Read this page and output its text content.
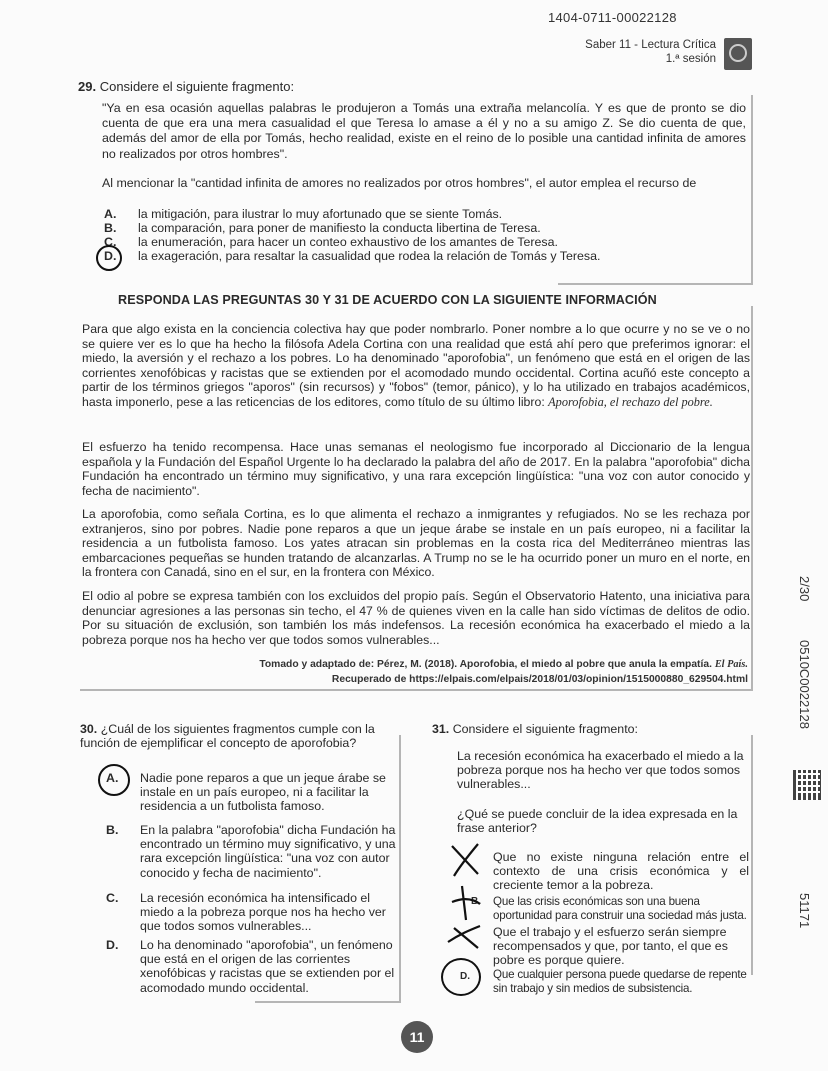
1404-0711-00022128
Saber 11 - Lectura Crítica
1.ª sesión
29. Considere el siguiente fragmento:
"Ya en esa ocasión aquellas palabras le produjeron a Tomás una extraña melancolía. Y es que de pronto se dio cuenta de que era una mera casualidad el que Teresa lo amase a él y no a su amigo Z. Se dio cuenta de que, además del amor de ella por Tomás, hecho realidad, existe en el reino de lo posible una cantidad infinita de amores no realizados por otros hombres".
Al mencionar la "cantidad infinita de amores no realizados por otros hombres", el autor emplea el recurso de
A. la mitigación, para ilustrar lo muy afortunado que se siente Tomás.
B. la comparación, para poner de manifiesto la conducta libertina de Teresa.
C. la enumeración, para hacer un conteo exhaustivo de los amantes de Teresa.
D. la exageración, para resaltar la casualidad que rodea la relación de Tomás y Teresa.
RESPONDA LAS PREGUNTAS 30 Y 31 DE ACUERDO CON LA SIGUIENTE INFORMACIÓN
Para que algo exista en la conciencia colectiva hay que poder nombrarlo. Poner nombre a lo que ocurre y no se ve o no se quiere ver es lo que ha hecho la filósofa Adela Cortina con una realidad que está ahí pero que preferimos ignorar: el miedo, la aversión y el rechazo a los pobres. Lo ha denominado "aporofobia", un fenómeno que está en el origen de las corrientes xenofóbicas y racistas que se extienden por el acomodado mundo occidental. Cortina acuñó este concepto a partir de los términos griegos "aporos" (sin recursos) y "fobos" (temor, pánico), y lo ha utilizado en trabajos académicos, hasta imponerlo, pese a las reticencias de los editores, como título de su último libro: Aporofobia, el rechazo del pobre.
El esfuerzo ha tenido recompensa. Hace unas semanas el neologismo fue incorporado al Diccionario de la lengua española y la Fundación del Español Urgente lo ha declarado la palabra del año de 2017. En la palabra "aporofobia" dicha Fundación ha encontrado un término muy significativo, y una rara excepción lingüística: "una voz con autor conocido y fecha de nacimiento".
La aporofobia, como señala Cortina, es lo que alimenta el rechazo a inmigrantes y refugiados. No se les rechaza por extranjeros, sino por pobres. Nadie pone reparos a que un jeque árabe se instale en un país europeo, ni a facilitar la residencia a un futbolista famoso. Los yates atracan sin problemas en la costa rica del Mediterráneo mientras las embarcaciones pequeñas se hunden tratando de alcanzarlas. A Trump no se le ha ocurrido poner un muro en el norte, en la frontera con Canadá, sino en el sur, en la frontera con México.
El odio al pobre se expresa también con los excluidos del propio país. Según el Observatorio Hatento, una iniciativa para denunciar agresiones a las personas sin techo, el 47 % de quienes viven en la calle han sido víctimas de delitos de odio. Por su situación de exclusión, son también los más indefensos. La recesión económica ha exacerbado el miedo a la pobreza porque nos ha hecho ver que todos somos vulnerables...
Tomado y adaptado de: Pérez, M. (2018). Aporofobia, el miedo al pobre que anula la empatía. El País.
Recuperado de https://elpais.com/elpais/2018/01/03/opinion/1515000880_629504.html
30. ¿Cuál de los siguientes fragmentos cumple con la función de ejemplificar el concepto de aporofobia?
A. Nadie pone reparos a que un jeque árabe se instale en un país europeo, ni a facilitar la residencia a un futbolista famoso.
B. En la palabra "aporofobia" dicha Fundación ha encontrado un término muy significativo, y una rara excepción lingüística: "una voz con autor conocido y fecha de nacimiento".
C. La recesión económica ha intensificado el miedo a la pobreza porque nos ha hecho ver que todos somos vulnerables...
D. Lo ha denominado "aporofobia", un fenómeno que está en el origen de las corrientes xenofóbicas y racistas que se extienden por el acomodado mundo occidental.
31. Considere el siguiente fragmento:
La recesión económica ha exacerbado el miedo a la pobreza porque nos ha hecho ver que todos somos vulnerables...
¿Qué se puede concluir de la idea expresada en la frase anterior?
Que no existe ninguna relación entre el contexto de una crisis económica y el creciente temor a la pobreza.
B. Que las crisis económicas son una buena oportunidad para construir una sociedad más justa.
Que el trabajo y el esfuerzo serán siempre recompensados y que, por tanto, el que es pobre es porque quiere.
D. Que cualquier persona puede quedarse de repente sin trabajo y sin medios de subsistencia.
2/30
0510C0022128
51171
11
